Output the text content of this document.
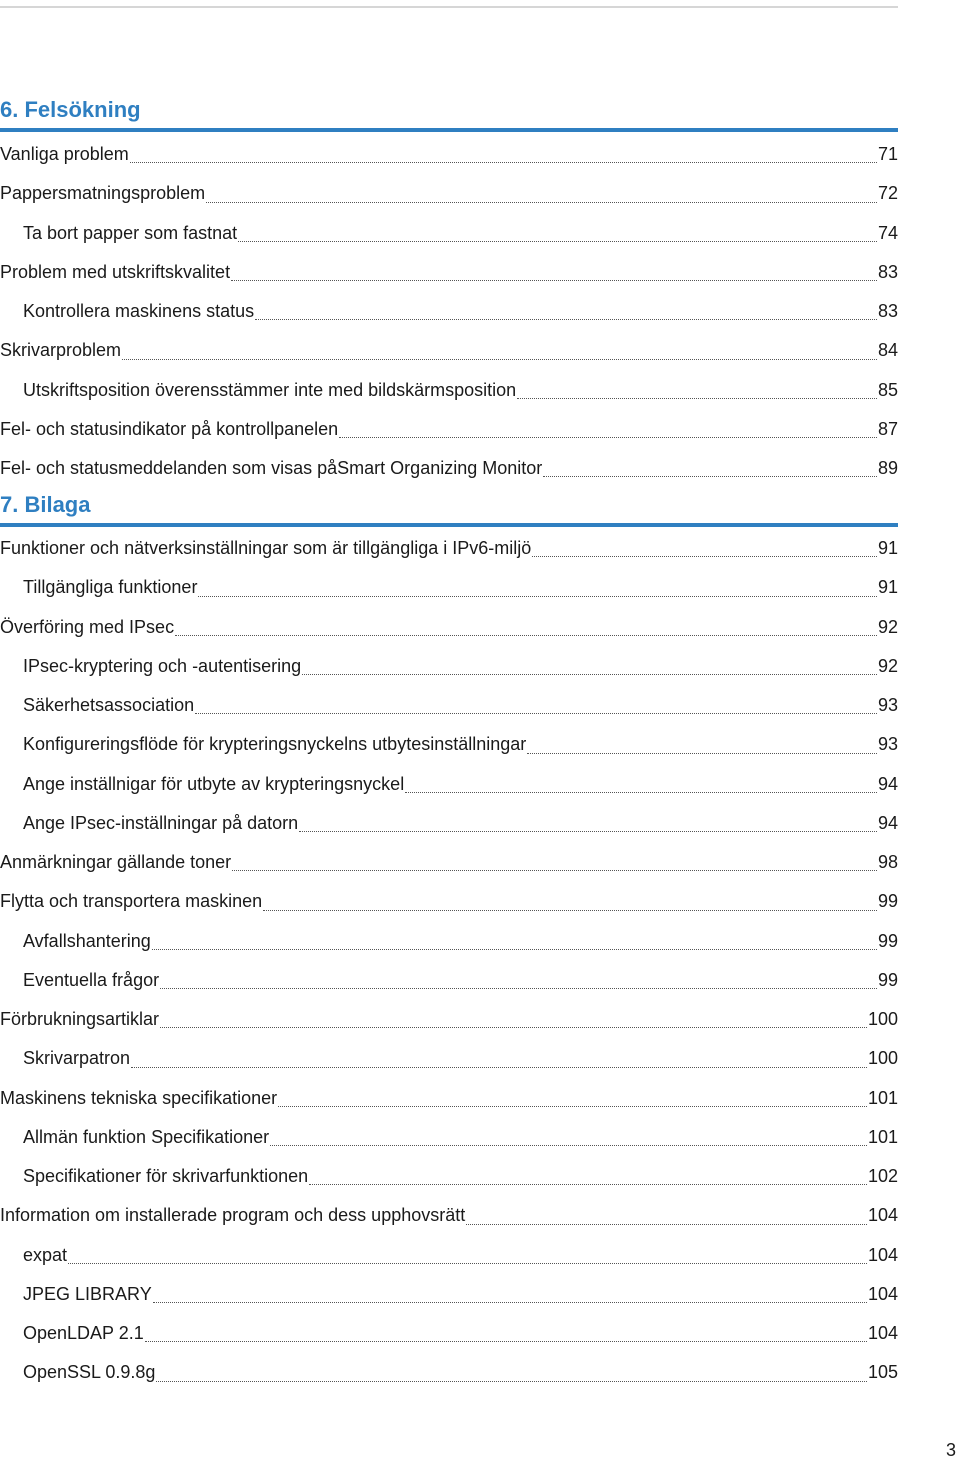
6. Felsökning
Vanliga problem	71
Pappersmatningsproblem	72
Ta bort papper som fastnat	74
Problem med utskriftskvalitet	83
Kontrollera maskinens status	83
Skrivarproblem	84
Utskriftsposition överensstämmer inte med bildskärmsposition	85
Fel- och statusindikator på kontrollpanelen	87
Fel- och statusmeddelanden som visas påSmart Organizing Monitor	89
7. Bilaga
Funktioner och nätverksinställningar som är tillgängliga i IPv6-miljö	91
Tillgängliga funktioner	91
Överföring med IPsec	92
IPsec-kryptering och -autentisering	92
Säkerhetsassociation	93
Konfigureringsflöde för krypteringsnyckelns utbytesinställningar	93
Ange inställnigar för utbyte av krypteringsnyckel	94
Ange IPsec-inställningar på datorn	94
Anmärkningar gällande toner	98
Flytta och transportera maskinen	99
Avfallshantering	99
Eventuella frågor	99
Förbrukningsartiklar	100
Skrivarpatron	100
Maskinens tekniska specifikationer	101
Allmän funktion Specifikationer	101
Specifikationer för skrivarfunktionen	102
Information om installerade program och dess upphovsrätt	104
expat	104
JPEG LIBRARY	104
OpenLDAP 2.1	104
OpenSSL 0.9.8g	105
3
